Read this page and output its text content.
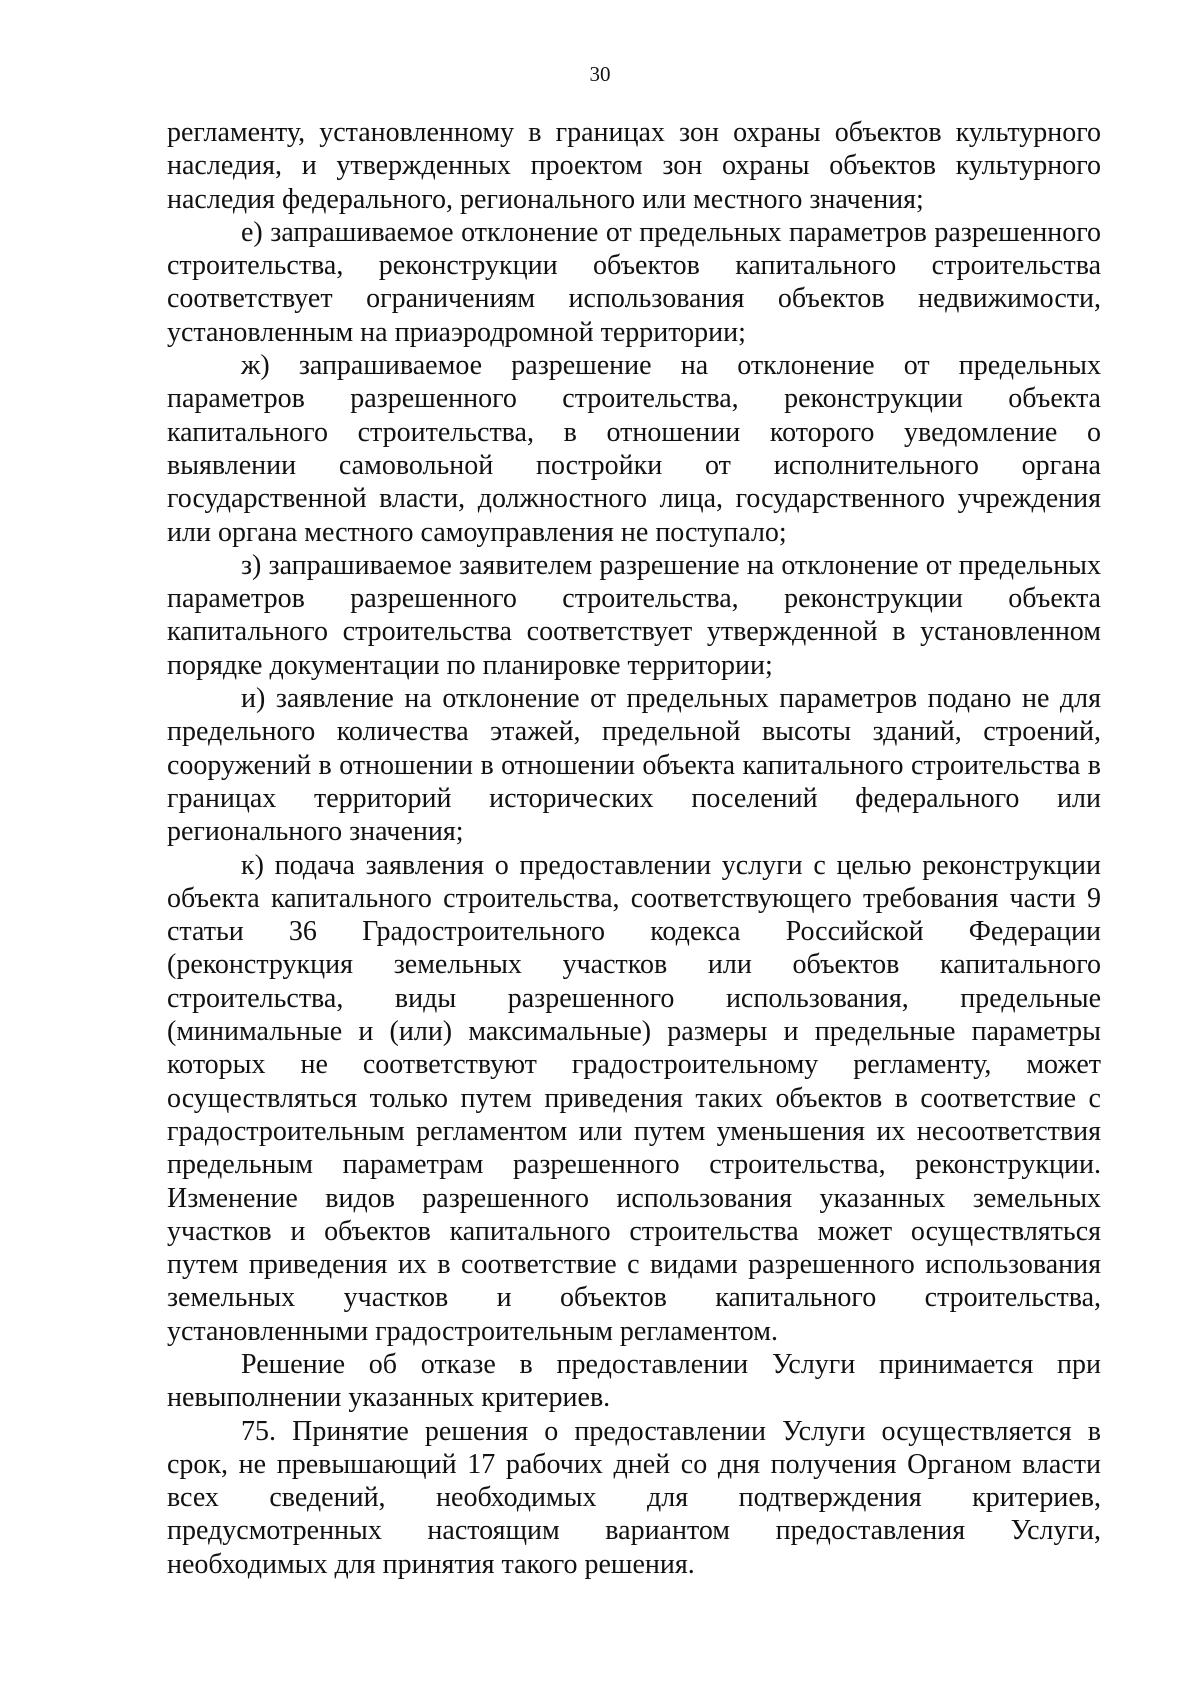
30

регламенту, установленному в границах зон охраны объектов культурного наследия, и утвержденных проектом зон охраны объектов культурного наследия федерального, регионального или местного значения;

е) запрашиваемое отклонение от предельных параметров разрешенного строительства, реконструкции объектов капитального строительства соответствует ограничениям использования объектов недвижимости, установленным на приаэродромной территории;

ж) запрашиваемое разрешение на отклонение от предельных параметров разрешенного строительства, реконструкции объекта капитального строительства, в отношении которого уведомление о выявлении самовольной постройки от исполнительного органа государственной власти, должностного лица, государственного учреждения или органа местного самоуправления не поступало;

з) запрашиваемое заявителем разрешение на отклонение от предельных параметров разрешенного строительства, реконструкции объекта капитального строительства соответствует утвержденной в установленном порядке документации по планировке территории;

и) заявление на отклонение от предельных параметров подано не для предельного количества этажей, предельной высоты зданий, строений, сооружений в отношении в отношении объекта капитального строительства в границах территорий исторических поселений федерального или регионального значения;

к) подача заявления о предоставлении услуги с целью реконструкции объекта капитального строительства, соответствующего требования части 9 статьи 36 Градостроительного кодекса Российской Федерации (реконструкция земельных участков или объектов капитального строительства, виды разрешенного использования, предельные (минимальные и (или) максимальные) размеры и предельные параметры которых не соответствуют градостроительному регламенту, может осуществляться только путем приведения таких объектов в соответствие с градостроительным регламентом или путем уменьшения их несоответствия предельным параметрам разрешенного строительства, реконструкции. Изменение видов разрешенного использования указанных земельных участков и объектов капитального строительства может осуществляться путем приведения их в соответствие с видами разрешенного использования земельных участков и объектов капитального строительства, установленными градостроительным регламентом.

Решение об отказе в предоставлении Услуги принимается при невыполнении указанных критериев.

75. Принятие решения о предоставлении Услуги осуществляется в срок, не превышающий 17 рабочих дней со дня получения Органом власти всех сведений, необходимых для подтверждения критериев, предусмотренных настоящим вариантом предоставления Услуги, необходимых для принятия такого решения.
